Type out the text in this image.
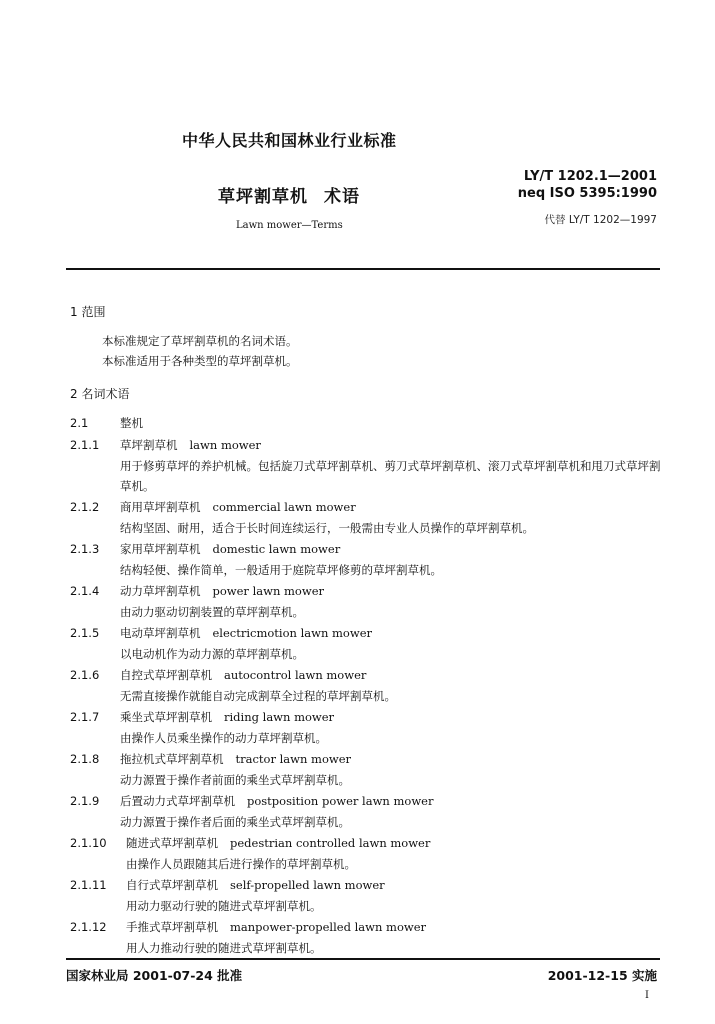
中华人民共和国林业行业标准
LY/T 1202.1—2001
neq ISO 5395:1990
代替 LY/T 1202—1997
草坪割草机 术语
Lawn mower—Terms
1 范围
本标准规定了草坪割草机的名词术语。
本标准适用于各种类型的草坪割草机。
2 名词术语
2.1	整机
2.1.1	草坪割草机 lawn mower
用于修剪草坪的养护机械。包括旋刀式草坪割草机、剪刀式草坪割草机、滚刀式草坪割草机和甩刀式草坪割草机。
2.1.2	商用草坪割草机 commercial lawn mower
结构坚固、耐用，适合于长时间连续运行，一般需由专业人员操作的草坪割草机。
2.1.3	家用草坪割草机 domestic lawn mower
结构轻便、操作简单，一般适用于庭院草坪修剪的草坪割草机。
2.1.4	动力草坪割草机 power lawn mower
由动力驱动切割装置的草坪割草机。
2.1.5	电动草坪割草机 electricmotion lawn mower
以电动机作为动力源的草坪割草机。
2.1.6	自控式草坪割草机 autocontrol lawn mower
无需直接操作就能自动完成割草全过程的草坪割草机。
2.1.7	乘坐式草坪割草机 riding lawn mower
由操作人员乘坐操作的动力草坪割草机。
2.1.8	拖拉机式草坪割草机 tractor lawn mower
动力源置于操作者前面的乘坐式草坪割草机。
2.1.9	后置动力式草坪割草机 postposition power lawn mower
动力源置于操作者后面的乘坐式草坪割草机。
2.1.10	随进式草坪割草机 pedestrian controlled lawn mower
由操作人员跟随其后进行操作的草坪割草机。
2.1.11	自行式草坪割草机 self-propelled lawn mower
用动力驱动行驶的随进式草坪割草机。
2.1.12	手推式草坪割草机 manpower-propelled lawn mower
用人力推动行驶的随进式草坪割草机。
国家林业局 2001-07-24 批准	2001-12-15 实施
I
